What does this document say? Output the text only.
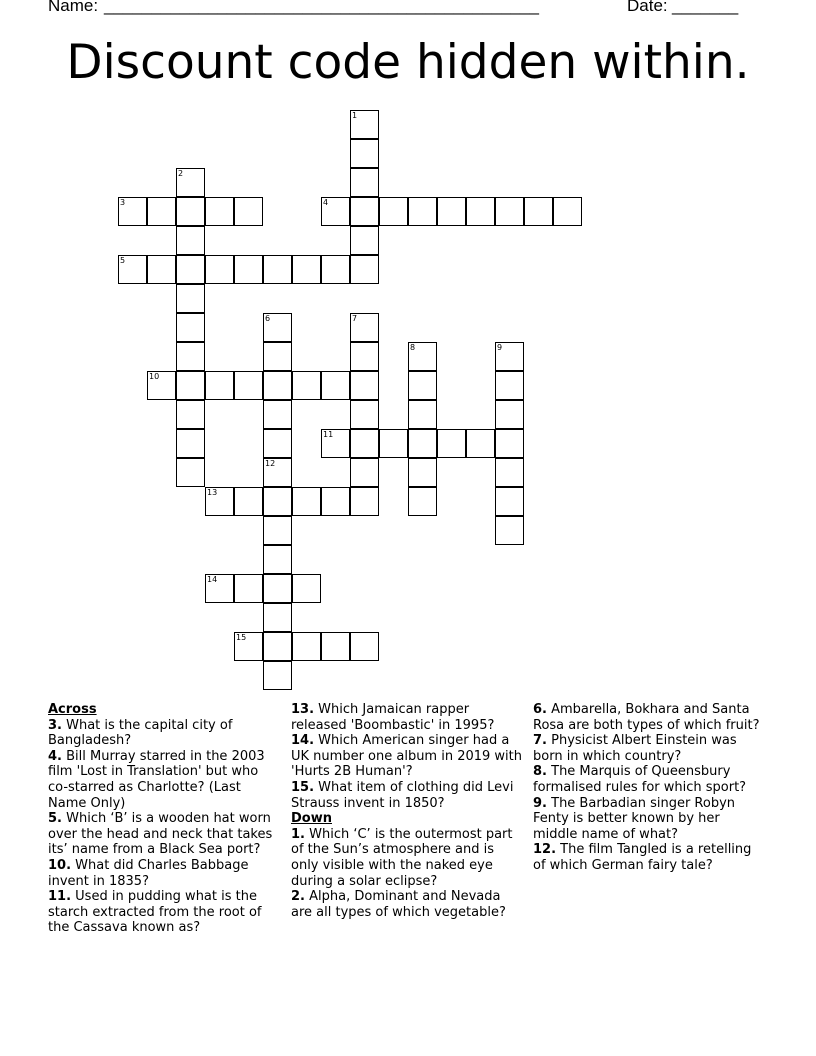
Name: ______________________________________________	Date: _______
Discount code hidden within.
1
2
3	4
5
6	7
8	9
10
11
12
13
14
15
Across
3. What is the capital city of Bangladesh?
4. Bill Murray starred in the 2003 film 'Lost in Translation' but who co-starred as Charlotte? (Last Name Only)
5. Which ‘B’ is a wooden hat worn over the head and neck that takes its’ name from a Black Sea port?
10. What did Charles Babbage invent in 1835?
11. Used in pudding what is the starch extracted from the root of the Cassava known as?
13. Which Jamaican rapper released 'Boombastic' in 1995?
14. Which American singer had a UK number one album in 2019 with 'Hurts 2B Human'?
15. What item of clothing did Levi Strauss invent in 1850?
Down
1. Which ‘C’ is the outermost part of the Sun’s atmosphere and is only visible with the naked eye during a solar eclipse?
2. Alpha, Dominant and Nevada are all types of which vegetable?
6. Ambarella, Bokhara and Santa Rosa are both types of which fruit?
7. Physicist Albert Einstein was born in which country?
8. The Marquis of Queensbury formalised rules for which sport?
9. The Barbadian singer Robyn Fenty is better known by her middle name of what?
12. The film Tangled is a retelling of which German fairy tale?
